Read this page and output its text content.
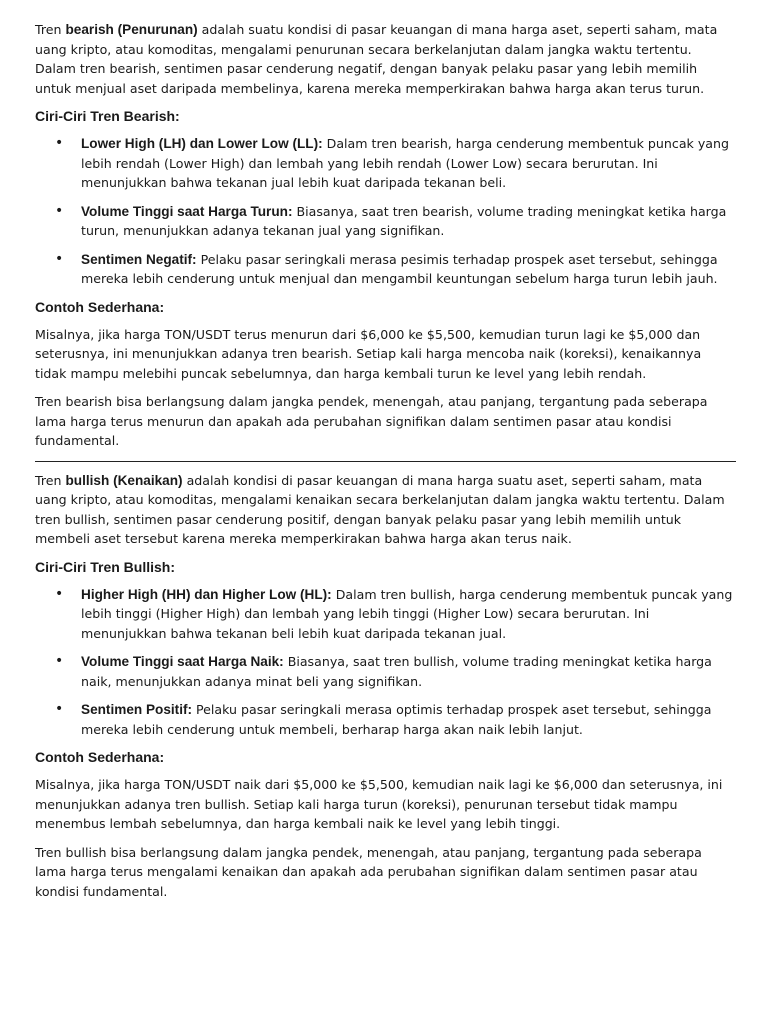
Tren bearish (Penurunan) adalah suatu kondisi di pasar keuangan di mana harga aset, seperti saham, mata uang kripto, atau komoditas, mengalami penurunan secara berkelanjutan dalam jangka waktu tertentu. Dalam tren bearish, sentimen pasar cenderung negatif, dengan banyak pelaku pasar yang lebih memilih untuk menjual aset daripada membelinya, karena mereka memperkirakan bahwa harga akan terus turun.

Ciri-Ciri Tren Bearish:

• Lower High (LH) dan Lower Low (LL): Dalam tren bearish, harga cenderung membentuk puncak yang lebih rendah (Lower High) dan lembah yang lebih rendah (Lower Low) secara berurutan. Ini menunjukkan bahwa tekanan jual lebih kuat daripada tekanan beli.
• Volume Tinggi saat Harga Turun: Biasanya, saat tren bearish, volume trading meningkat ketika harga turun, menunjukkan adanya tekanan jual yang signifikan.
• Sentimen Negatif: Pelaku pasar seringkali merasa pesimis terhadap prospek aset tersebut, sehingga mereka lebih cenderung untuk menjual dan mengambil keuntungan sebelum harga turun lebih jauh.

Contoh Sederhana:

Misalnya, jika harga TON/USDT terus menurun dari $6,000 ke $5,500, kemudian turun lagi ke $5,000 dan seterusnya, ini menunjukkan adanya tren bearish. Setiap kali harga mencoba naik (koreksi), kenaikannya tidak mampu melebihi puncak sebelumnya, dan harga kembali turun ke level yang lebih rendah.

Tren bearish bisa berlangsung dalam jangka pendek, menengah, atau panjang, tergantung pada seberapa lama harga terus menurun dan apakah ada perubahan signifikan dalam sentimen pasar atau kondisi fundamental.

Tren bullish (Kenaikan) adalah kondisi di pasar keuangan di mana harga suatu aset, seperti saham, mata uang kripto, atau komoditas, mengalami kenaikan secara berkelanjutan dalam jangka waktu tertentu. Dalam tren bullish, sentimen pasar cenderung positif, dengan banyak pelaku pasar yang lebih memilih untuk membeli aset tersebut karena mereka memperkirakan bahwa harga akan terus naik.

Ciri-Ciri Tren Bullish:

• Higher High (HH) dan Higher Low (HL): Dalam tren bullish, harga cenderung membentuk puncak yang lebih tinggi (Higher High) dan lembah yang lebih tinggi (Higher Low) secara berurutan. Ini menunjukkan bahwa tekanan beli lebih kuat daripada tekanan jual.
• Volume Tinggi saat Harga Naik: Biasanya, saat tren bullish, volume trading meningkat ketika harga naik, menunjukkan adanya minat beli yang signifikan.
• Sentimen Positif: Pelaku pasar seringkali merasa optimis terhadap prospek aset tersebut, sehingga mereka lebih cenderung untuk membeli, berharap harga akan naik lebih lanjut.

Contoh Sederhana:

Misalnya, jika harga TON/USDT naik dari $5,000 ke $5,500, kemudian naik lagi ke $6,000 dan seterusnya, ini menunjukkan adanya tren bullish. Setiap kali harga turun (koreksi), penurunan tersebut tidak mampu menembus lembah sebelumnya, dan harga kembali naik ke level yang lebih tinggi.

Tren bullish bisa berlangsung dalam jangka pendek, menengah, atau panjang, tergantung pada seberapa lama harga terus mengalami kenaikan dan apakah ada perubahan signifikan dalam sentimen pasar atau kondisi fundamental.
